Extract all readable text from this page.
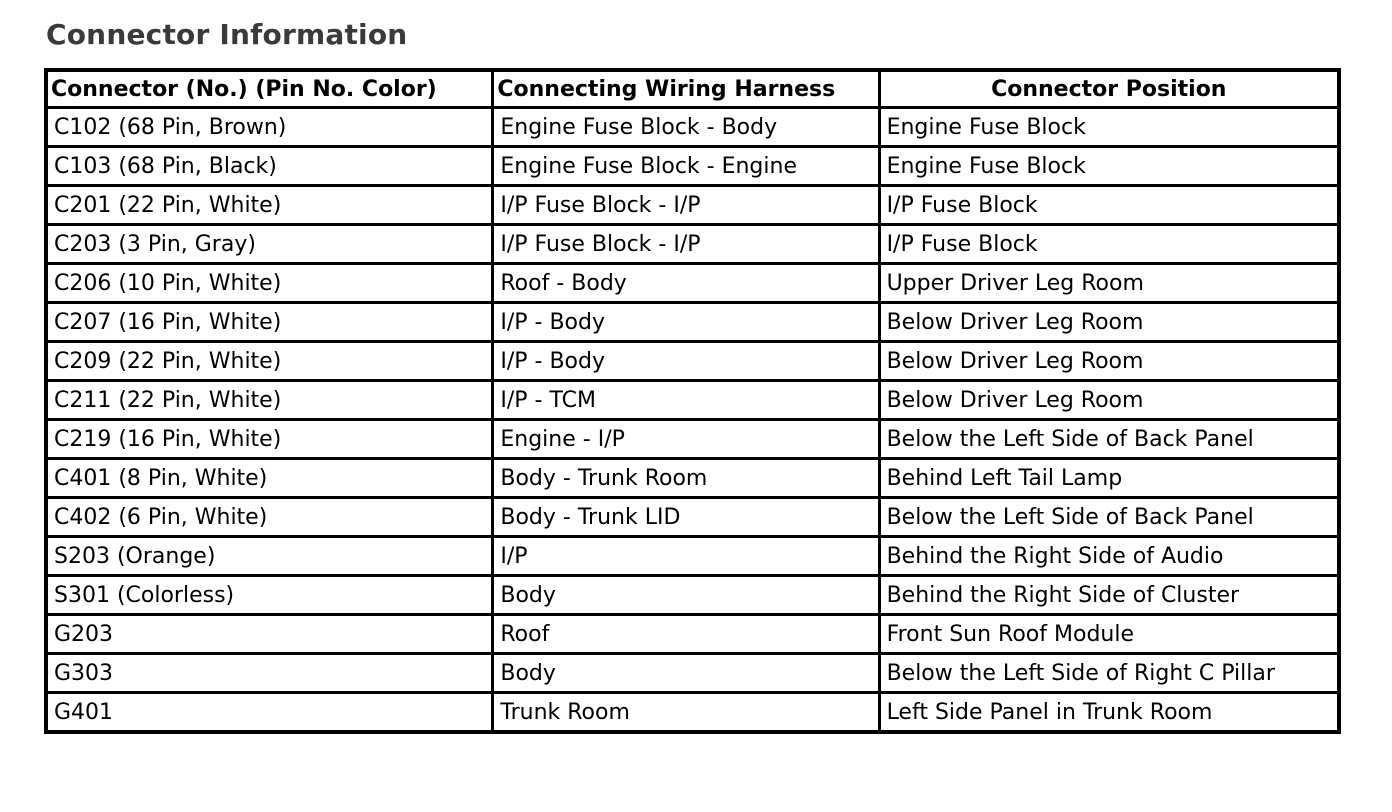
Connector Information
Connector (No.) (Pin No. Color)	Connecting Wiring Harness	Connector Position
C102 (68 Pin, Brown)	Engine Fuse Block - Body	Engine Fuse Block
C103 (68 Pin, Black)	Engine Fuse Block - Engine	Engine Fuse Block
C201 (22 Pin, White)	I/P Fuse Block - I/P	I/P Fuse Block
C203 (3 Pin, Gray)	I/P Fuse Block - I/P	I/P Fuse Block
C206 (10 Pin, White)	Roof - Body	Upper Driver Leg Room
C207 (16 Pin, White)	I/P - Body	Below Driver Leg Room
C209 (22 Pin, White)	I/P - Body	Below Driver Leg Room
C211 (22 Pin, White)	I/P - TCM	Below Driver Leg Room
C219 (16 Pin, White)	Engine - I/P	Below the Left Side of Back Panel
C401 (8 Pin, White)	Body - Trunk Room	Behind Left Tail Lamp
C402 (6 Pin, White)	Body - Trunk LID	Below the Left Side of Back Panel
S203 (Orange)	I/P	Behind the Right Side of Audio
S301 (Colorless)	Body	Behind the Right Side of Cluster
G203	Roof	Front Sun Roof Module
G303	Body	Below the Left Side of Right C Pillar
G401	Trunk Room	Left Side Panel in Trunk Room
